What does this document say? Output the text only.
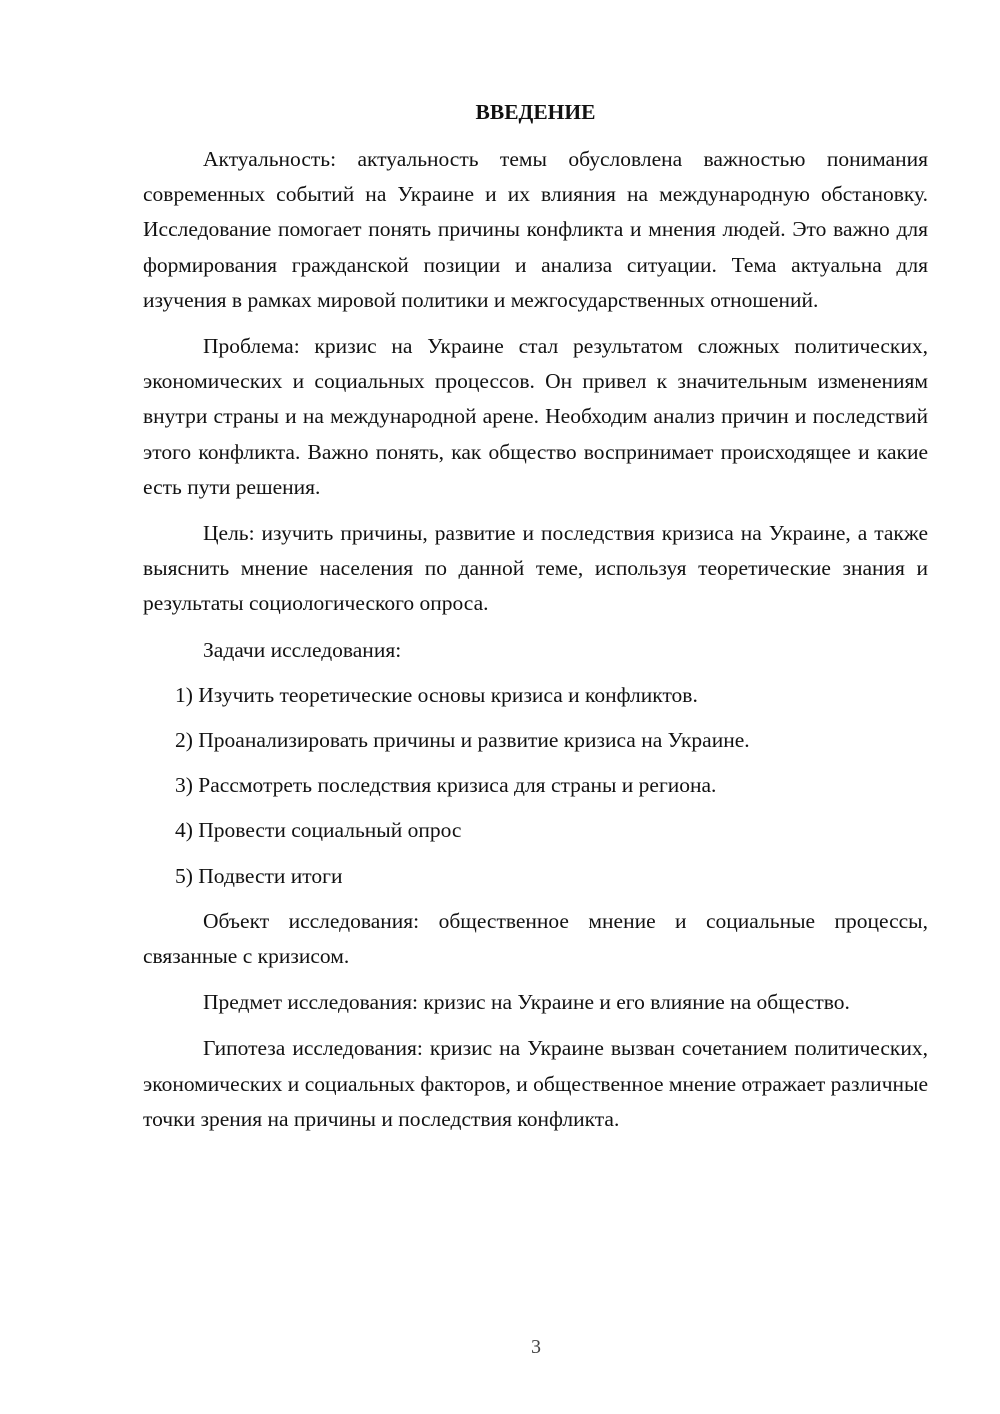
ВВЕДЕНИЕ

Актуальность: актуальность темы обусловлена важностью понимания современных событий на Украине и их влияния на международную обстановку. Исследование помогает понять причины конфликта и мнения людей. Это важно для формирования гражданской позиции и анализа ситуации. Тема актуальна для изучения в рамках мировой политики и межгосударственных отношений.

Проблема: кризис на Украине стал результатом сложных политических, экономических и социальных процессов. Он привел к значительным изменениям внутри страны и на международной арене. Необходим анализ причин и последствий этого конфликта. Важно понять, как общество воспринимает происходящее и какие есть пути решения.

Цель: изучить причины, развитие и последствия кризиса на Украине, а также выяснить мнение населения по данной теме, используя теоретические знания и результаты социологического опроса.

Задачи исследования:

1) Изучить теоретические основы кризиса и конфликтов.
2) Проанализировать причины и развитие кризиса на Украине.
3) Рассмотреть последствия кризиса для страны и региона.
4) Провести социальный опрос
5) Подвести итоги

Объект исследования: общественное мнение и социальные процессы, связанные с кризисом.

Предмет исследования: кризис на Украине и его влияние на общество.

Гипотеза исследования: кризис на Украине вызван сочетанием политических, экономических и социальных факторов, и общественное мнение отражает различные точки зрения на причины и последствия конфликта.

3
